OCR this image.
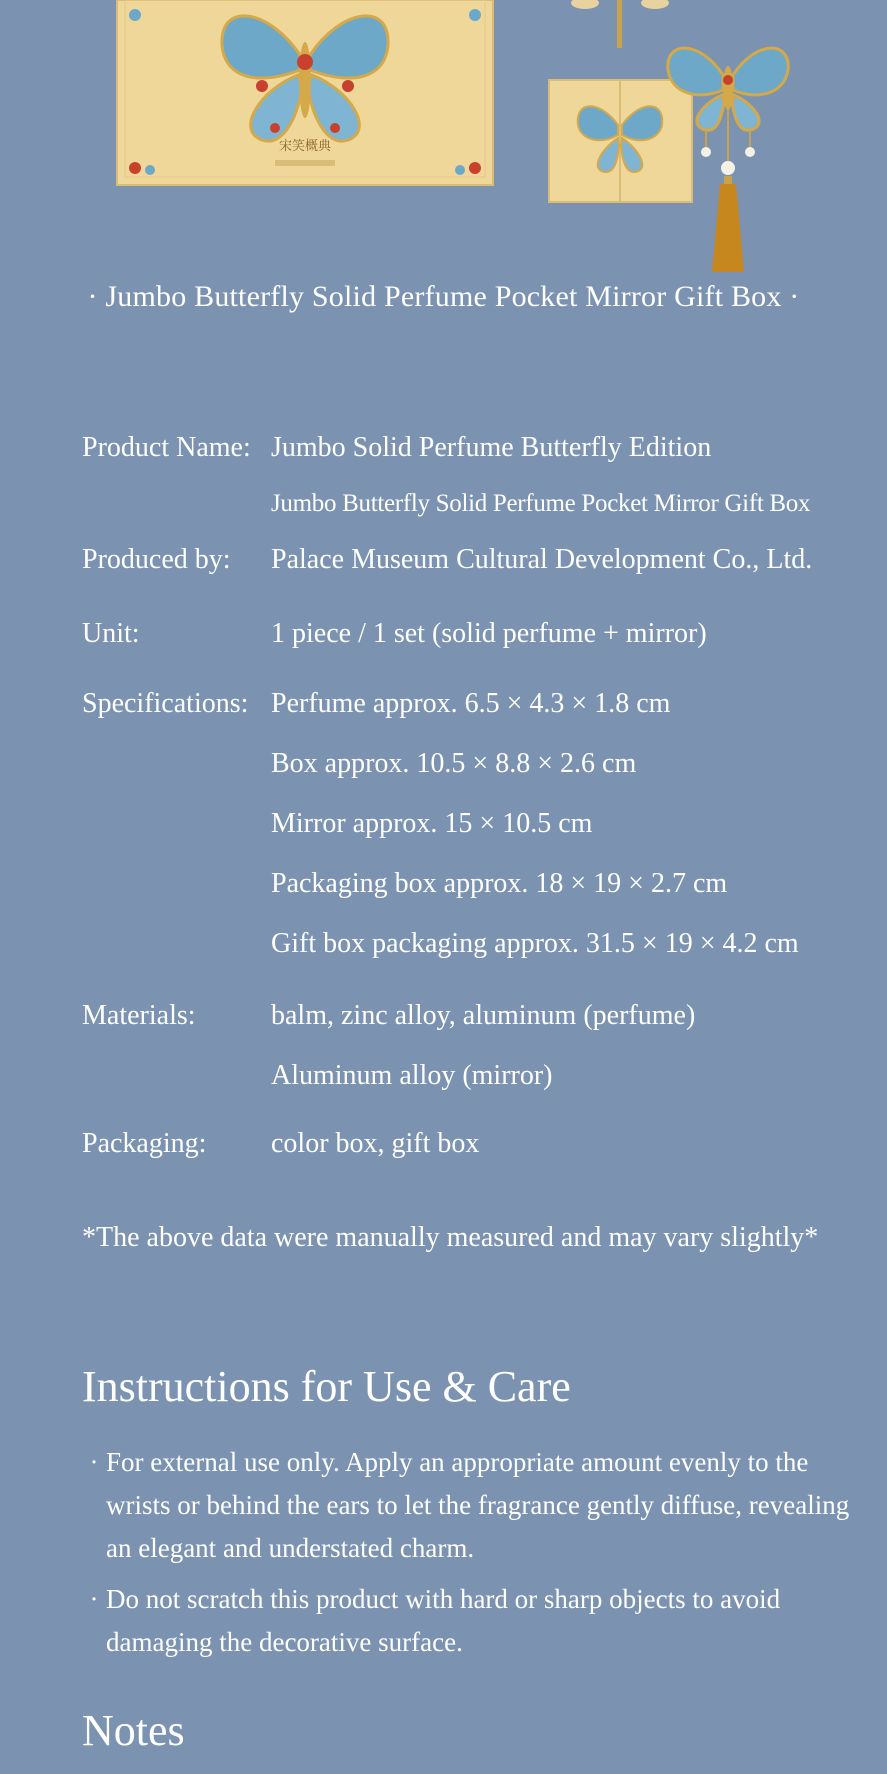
宋笑概典
· Jumbo Butterfly Solid Perfume Pocket Mirror Gift Box ·
Product Name: Jumbo Solid Perfume Butterfly Edition
Jumbo Butterfly Solid Perfume Pocket Mirror Gift Box
Produced by:	Palace Museum Cultural Development Co., Ltd.
Unit:	1 piece / 1 set (solid perfume + mirror)
Specifications: Perfume approx. 6.5 × 4.3 × 1.8 cm
Box approx. 10.5 × 8.8 × 2.6 cm
Mirror approx. 15 × 10.5 cm
Packaging box approx. 18 × 19 × 2.7 cm
Gift box packaging approx. 31.5 × 19 × 4.2 cm
Materials:	balm, zinc alloy, aluminum (perfume)
Aluminum alloy (mirror)
Packaging:	color box, gift box
*The above data were manually measured and may vary slightly*
Instructions for Use & Care
· For external use only. Apply an appropriate amount evenly to the wrists or behind the ears to let the fragrance gently diffuse, revealing an elegant and understated charm.
· Do not scratch this product with hard or sharp objects to avoid damaging the decorative surface.
Notes
